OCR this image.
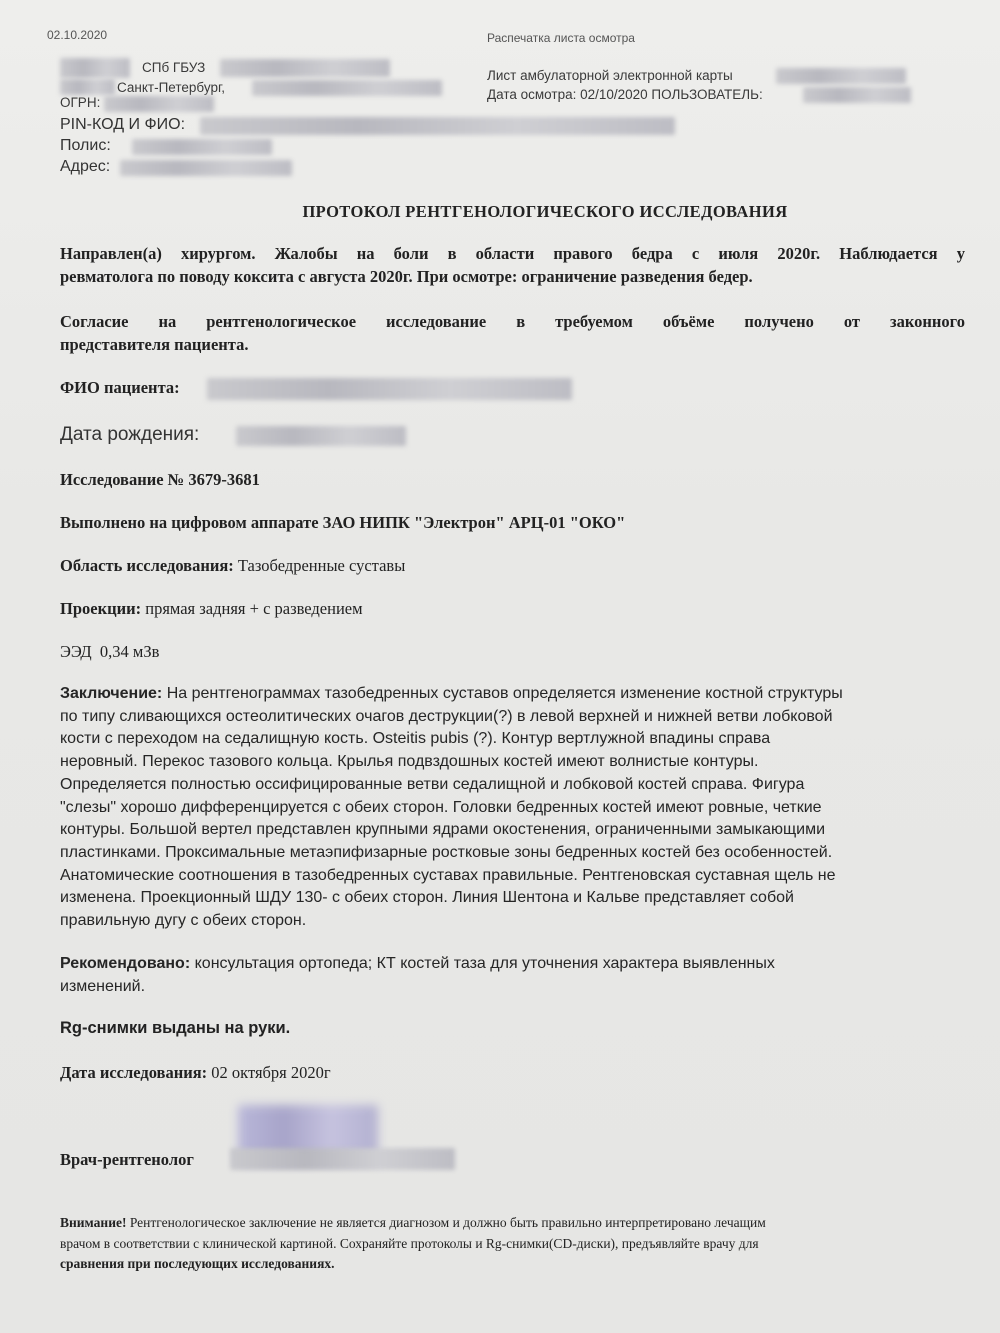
02.10.2020	Распечатка листа осмотра
СПб ГБУЗ
Санкт-Петербург,
ОГРН:
Лист амбулаторной электронной карты
Дата осмотра: 02/10/2020 ПОЛЬЗОВАТЕЛЬ:
PIN-КОД И ФИО:
Полис:
Адрес:
ПРОТОКОЛ РЕНТГЕНОЛОГИЧЕСКОГО ИССЛЕДОВАНИЯ
Направлен(а) хирургом. Жалобы на боли в области правого бедра с июля 2020г. Наблюдается у
ревматолога по поводу коксита с августа 2020г. При осмотре: ограничение разведения бедер.
Согласие на рентгенологическое исследование в требуемом объёме получено от законного
представителя пациента.
ФИО пациента:
Дата рождения:
Исследование № 3679-3681
Выполнено на цифровом аппарате ЗАО НИПК "Электрон" АРЦ-01 "ОКО"
Область исследования: Тазобедренные суставы
Проекции: прямая задняя + с разведением
ЭЭД 0,34 мЗв
Заключение: На рентгенограммах тазобедренных суставов определяется изменение костной структуры
по типу сливающихся остеолитических очагов деструкции(?) в левой верхней и нижней ветви лобковой
кости с переходом на седалищную кость. Osteitis pubis (?). Контур вертлужной впадины справа
неровный. Перекос тазового кольца. Крылья подвздошных костей имеют волнистые контуры.
Определяется полностью оссифицированные ветви седалищной и лобковой костей справа. Фигура
"слезы" хорошо дифференцируется с обеих сторон. Головки бедренных костей имеют ровные, четкие
контуры. Большой вертел представлен крупными ядрами окостенения, ограниченными замыкающими
пластинками. Проксимальные метаэпифизарные ростковые зоны бедренных костей без особенностей.
Анатомические соотношения в тазобедренных суставах правильные. Рентгеновская суставная щель не
изменена. Проекционный ШДУ 130- с обеих сторон. Линия Шентона и Кальве представляет собой
правильную дугу с обеих сторон.
Рекомендовано: консультация ортопеда; КТ костей таза для уточнения характера выявленных
изменений.
Rg-снимки выданы на руки.
Дата исследования: 02 октября 2020г
Врач-рентгенолог
Внимание! Рентгенологическое заключение не является диагнозом и должно быть правильно интерпретировано лечащим
врачом в соответствии с клинической картиной. Сохраняйте протоколы и Rg-снимки(CD-диски), предъявляйте врачу для
сравнения при последующих исследованиях.
